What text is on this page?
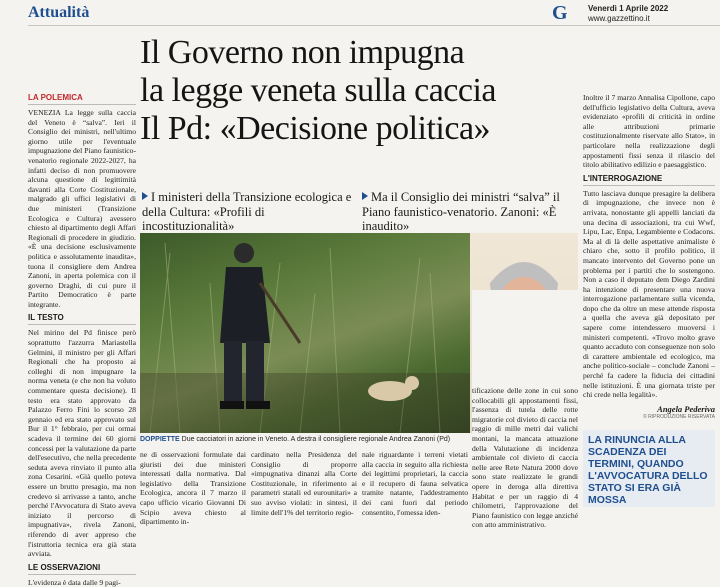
Attualità	G	Venerdì 1 Aprile 2022
www.gazzettino.it
Il Governo non impugna
la legge veneta sulla caccia
Il Pd: «Decisione politica»
LA POLEMICA
VENEZIA La legge sulla caccia del Veneto è “salva”. Ieri il Consiglio dei ministri, nell'ultimo giorno utile per l'eventuale impugnazione del Piano faunistico-venatorio regionale 2022-2027, ha infatti deciso di non promuovere alcuna questione di legittimità davanti alla Corte Costituzionale, malgrado gli uffici legislativi di due ministeri (Transizione Ecologica e Cultura) avessero chiesto al dipartimento degli Affari Regionali di procedere in giudizio. «È una decisione esclusivamente politica e assolutamente inaudita», tuona il consigliere dem Andrea Zanoni, in aperta polemica con il governo Draghi, di cui pure il Partito Democratico è parte integrante.
IL TESTO
Nel mirino del Pd finisce però soprattutto l'azzurra Mariastella Gelmini, il ministro per gli Affari Regionali che ha proposto ai colleghi di non impugnare la norma veneta (e che non ha voluto commentare questa decisione). Il testo era stato approvato da Palazzo Ferro Fini lo scorso 28 gennaio ed era stato approvato sul Bur il 1° febbraio, per cui ormai scadeva il termine dei 60 giorni concessi per la valutazione da parte dell'esecutivo, che nella precedente seduta aveva rinviato il punto alla zona Cesarini. «Già quello poteva essere un brutto presagio, ma non credevo si arrivasse a tanto, anche perché l'Avvocatura di Stato aveva iniziato il percorso di impugnativa», rivela Zanoni, riferendo di aver appreso che l'istruttoria tecnica era già stata avviata.
LE OSSERVAZIONI
L'evidenza è data dalle 9 pagi-
I ministeri della Transizione ecologica e della Cultura: «Profili di incostituzionalità»
Ma il Consiglio dei ministri “salva” il Piano faunistico-venatorio. Zanoni: «È inaudito»
DOPPIETTE Due cacciatori in azione in Veneto. A destra il consigliere regionale Andrea Zanoni (Pd)
ne di osservazioni formulate dai giuristi dei due ministeri interessati dalla normativa. Dal legislativo della Transizione Ecologica, ancora il 7 marzo il capo ufficio vicario Giovanni Di Scipio aveva chiesto al dipartimento in-
cardinato nella Presidenza del Consiglio di proporre «impugnativa dinanzi alla Corte Costituzionale, in riferimento ai parametri statali ed eurounitari» a suo avviso violati: in sintesi, il limite dell'1% del territorio regio-
nale riguardante i terreni vietati alla caccia in seguito alla richiesta dei legittimi proprietari, la caccia e il recupero di fauna selvatica tramite natante, l'addestramento dei cani fuori dal periodo consentito, l'omessa iden-
tificazione delle zone in cui sono collocabili gli appostamenti fissi, l'assenza di tutela delle rotte migratorie col divieto di caccia nel raggio di mille metri dai valichi montani, la mancata attuazione della Valutazione di incidenza ambientale col divieto di caccia nelle aree Rete Natura 2000 dove sono state realizzate le grandi opere in deroga alla direttiva Habitat e per un raggio di 4 chilometri, l'approvazione del Piano faunistico con legge anziché con atto amministrativo.
Inoltre il 7 marzo Annalisa Cipollone, capo dell'ufficio legislativo della Cultura, aveva evidenziato «profili di criticità in ordine alle attribuzioni primarie costituzionalmente riservate allo Stato», in particolare nella realizzazione degli appostamenti fissi senza il rilascio del titolo abilitativo edilizio e paesaggistico.
L'INTERROGAZIONE
Tutto lasciava dunque presagire la delibera di impugnazione, che invece non è arrivata, nonostante gli appelli lanciati da una decina di associazioni, tra cui Wwf, Lipu, Lac, Enpa, Legambiente e Codacons. Ma al di là delle aspettative animaliste è chiaro che, sotto il profilo politico, il mancato intervento del Governo pone un problema per i partiti che lo sostengono. Non a caso il deputato dem Diego Zardini ha intenzione di presentare una nuova interrogazione parlamentare sulla vicenda, dopo che da oltre un mese attende risposta a quella che aveva già depositato per sapere come intendessero muoversi i ministeri competenti. «Trovo molto grave quanto accaduto con conseguenze non solo di carattere ambientale ed ecologico, ma anche politico-sociale – conclude Zanoni – perché fa cadere la fiducia dei cittadini nelle istituzioni. È una giornata triste per chi crede nella legalità».
Angela Pederiva
© RIPRODUZIONE RISERVATA
LA RINUNCIA ALLA SCADENZA DEI TERMINI, QUANDO L'AVVOCATURA DELLO STATO SI ERA GIÀ MOSSA
